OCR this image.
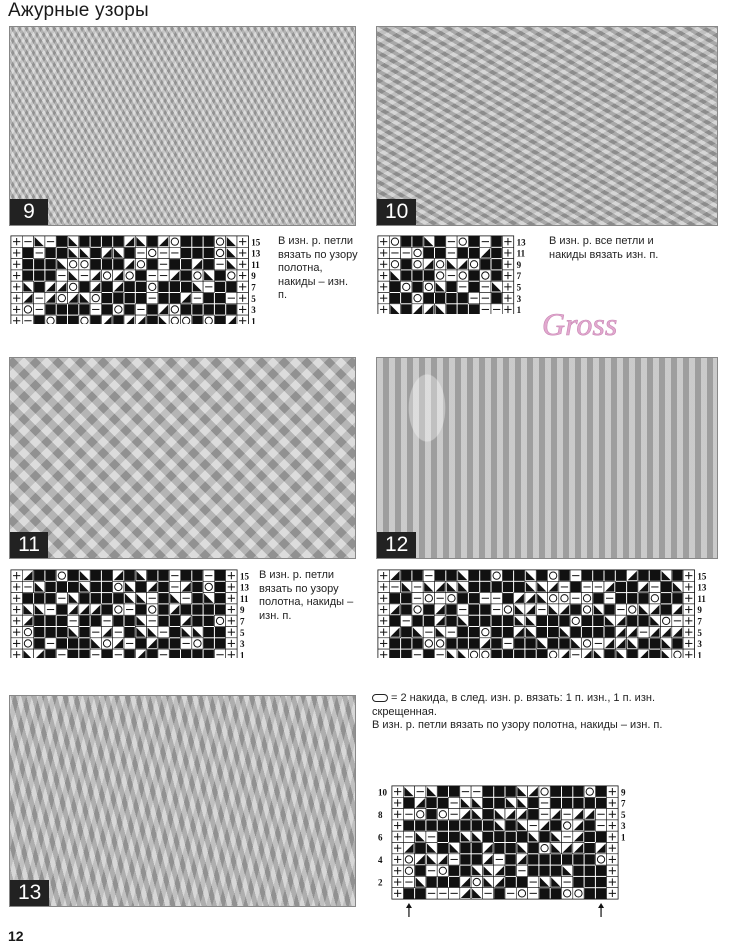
Ажурные узоры
9
15
13
11
9
7
5
3
1
В изн. р. петли вязать по узору полотна, накиды – изн. п.
10
13
11
9
7
5
3
1
В изн. р. все петли и накиды вязать изн. п.
Gross
11
15
13
11
9
7
5
3
1
В изн. р. петли вязать по узору полотна, накиды – изн. п.
12
15
13
11
9
7
5
3
1
13
= 2 накида, в след. изн. р. вязать: 1 п. изн., 1 п. изн. скрещенная.
В изн. р. петли вязать по узору полотна, накиды – изн. п.
9
7
5
3
1
10
8
6
4
2
12
